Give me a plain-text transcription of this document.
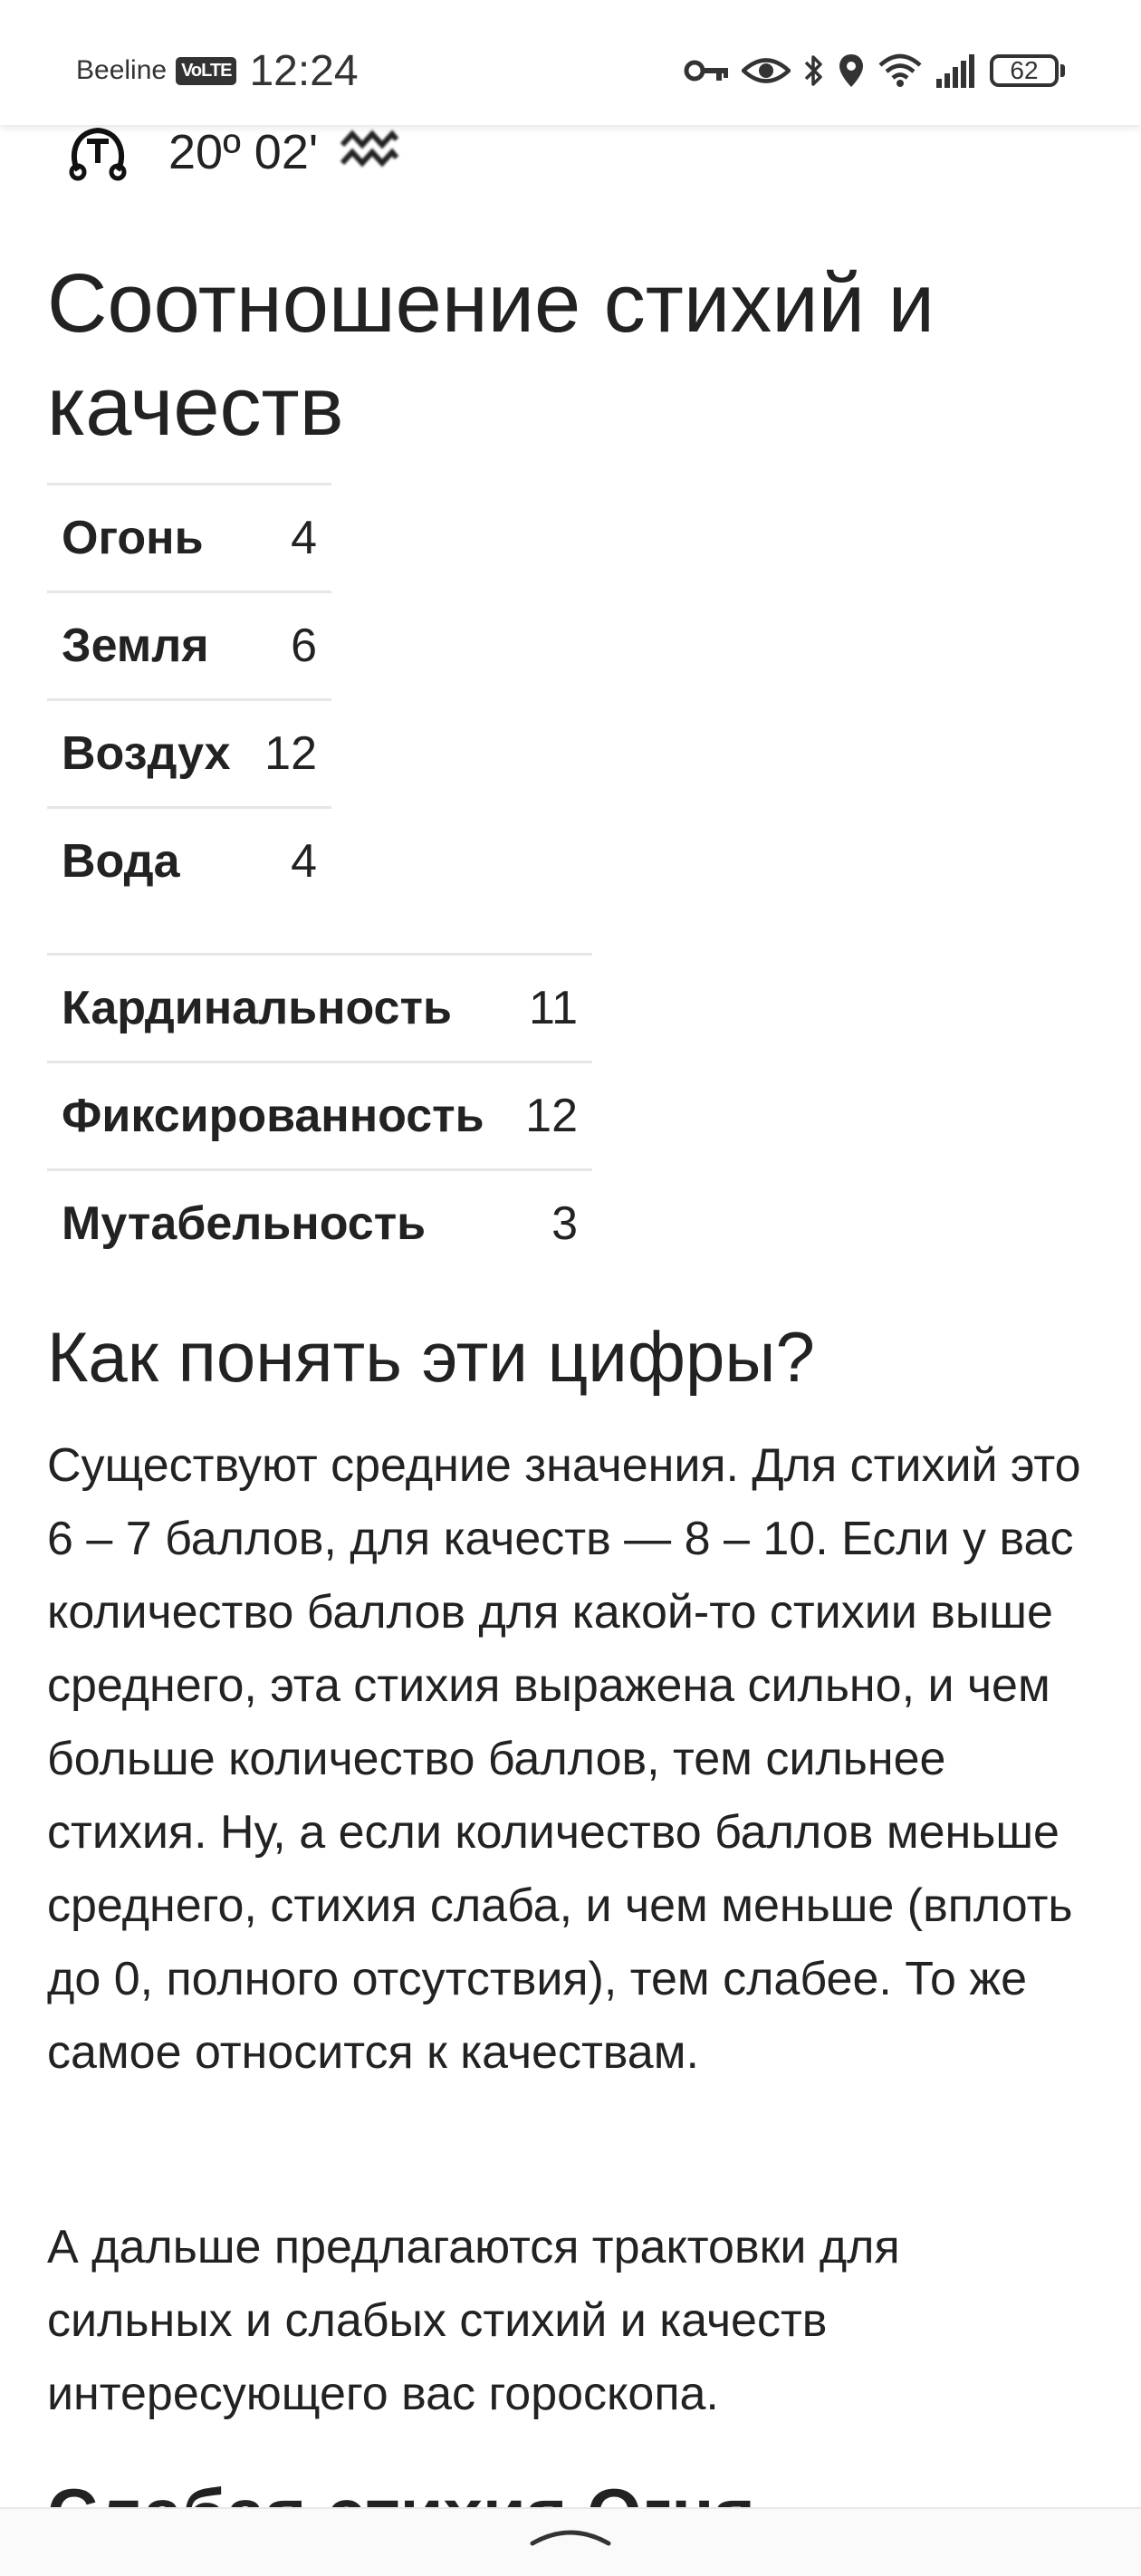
Beeline VoLTE 12:24	62
20º 02'
Соотношение стихий и качеств
Огонь	4
Земля	6
Воздух	12
Вода	4
Кардинальность	11
Фиксированность	12
Мутабельность	3
Как понять эти цифры?

Существуют средние значения. Для стихий это 6 – 7 баллов, для качеств — 8 – 10. Если у вас количество баллов для какой-то стихии выше среднего, эта стихия выражена сильно, и чем больше количество баллов, тем сильнее стихия. Ну, а если количество баллов меньше среднего, стихия слаба, и чем меньше (вплоть до 0, полного отсутствия), тем слабее. То же самое относится к качествам.

А дальше предлагаются трактовки для сильных и слабых стихий и качеств интересующего вас гороскопа.
